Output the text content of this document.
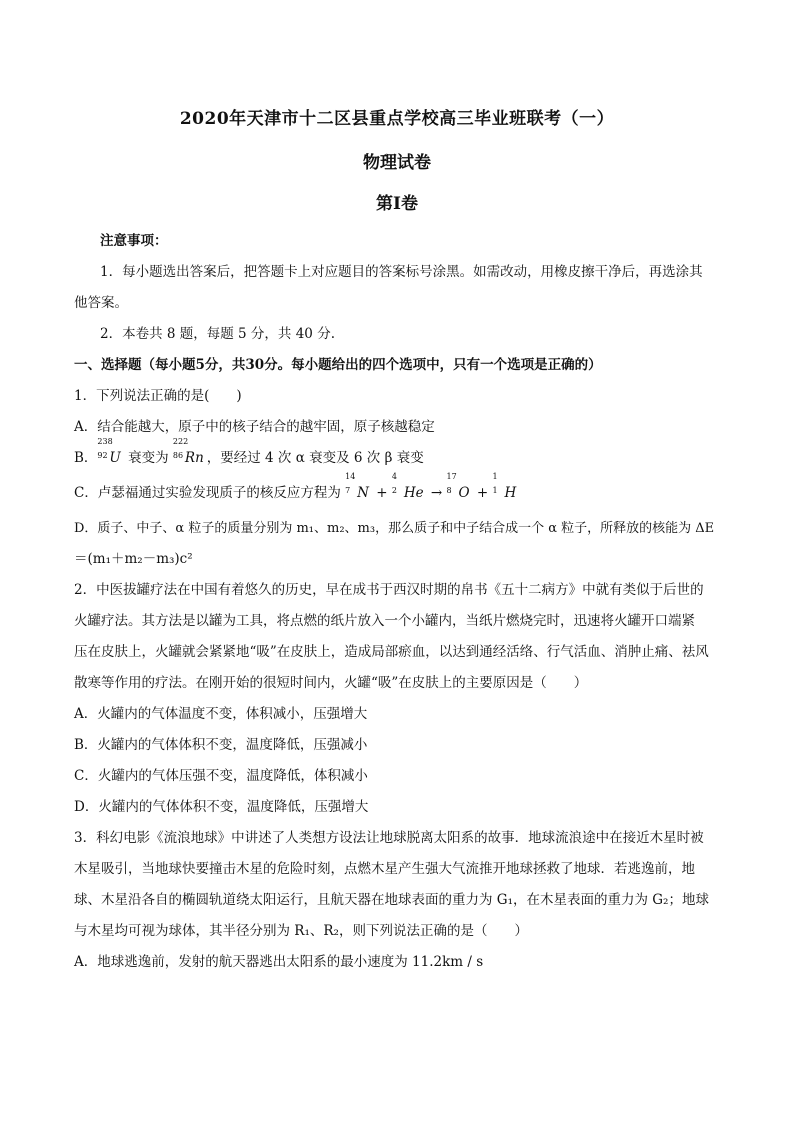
2020年天津市十二区县重点学校高三毕业班联考（一）
物理试卷
第Ⅰ卷
注意事项：
1．每小题选出答案后，把答题卡上对应题目的答案标号涂黑。如需改动，用橡皮擦干净后，再选涂其
他答案。
2．本卷共 8 题，每题 5 分，共 40 分.
一、选择题（每小题5分，共30分。每小题给出的四个选项中，只有一个选项是正确的）
1．下列说法正确的是(　　)
A．结合能越大，原子中的核子结合的越牢固，原子核越稳定
B．
238
92 U 衰变为
222
86 Rn ，要经过 4 次 α 衰变及 6 次 β 衰变
C．卢瑟福通过实验发现质子的核反应方程为
14
7 N +
4
2 He →
17
8 O +
1
1 H
D．质子、中子、α 粒子的质量分别为 m₁、m₂、m₃，那么质子和中子结合成一个 α 粒子，所释放的核能为 ΔE
＝(m₁＋m₂－m₃)c²
2．中医拔罐疗法在中国有着悠久的历史，早在成书于西汉时期的帛书《五十二病方》中就有类似于后世的
火罐疗法。其方法是以罐为工具，将点燃的纸片放入一个小罐内，当纸片燃烧完时，迅速将火罐开口端紧
压在皮肤上，火罐就会紧紧地“吸”在皮肤上，造成局部瘀血，以达到通经活络、行气活血、消肿止痛、祛风
散寒等作用的疗法。在刚开始的很短时间内，火罐“吸”在皮肤上的主要原因是（　　）
A．火罐内的气体温度不变，体积减小，压强增大
B．火罐内的气体体积不变，温度降低，压强减小
C．火罐内的气体压强不变，温度降低，体积减小
D．火罐内的气体体积不变，温度降低，压强增大
3．科幻电影《流浪地球》中讲述了人类想方设法让地球脱离太阳系的故事．地球流浪途中在接近木星时被
木星吸引，当地球快要撞击木星的危险时刻，点燃木星产生强大气流推开地球拯救了地球．若逃逸前，地
球、木星沿各自的椭圆轨道绕太阳运行，且航天器在地球表面的重力为 G₁，在木星表面的重力为 G₂；地球
与木星均可视为球体，其半径分别为 R₁、R₂，则下列说法正确的是（　　）
A．地球逃逸前，发射的航天器逃出太阳系的最小速度为 11.2km / s
